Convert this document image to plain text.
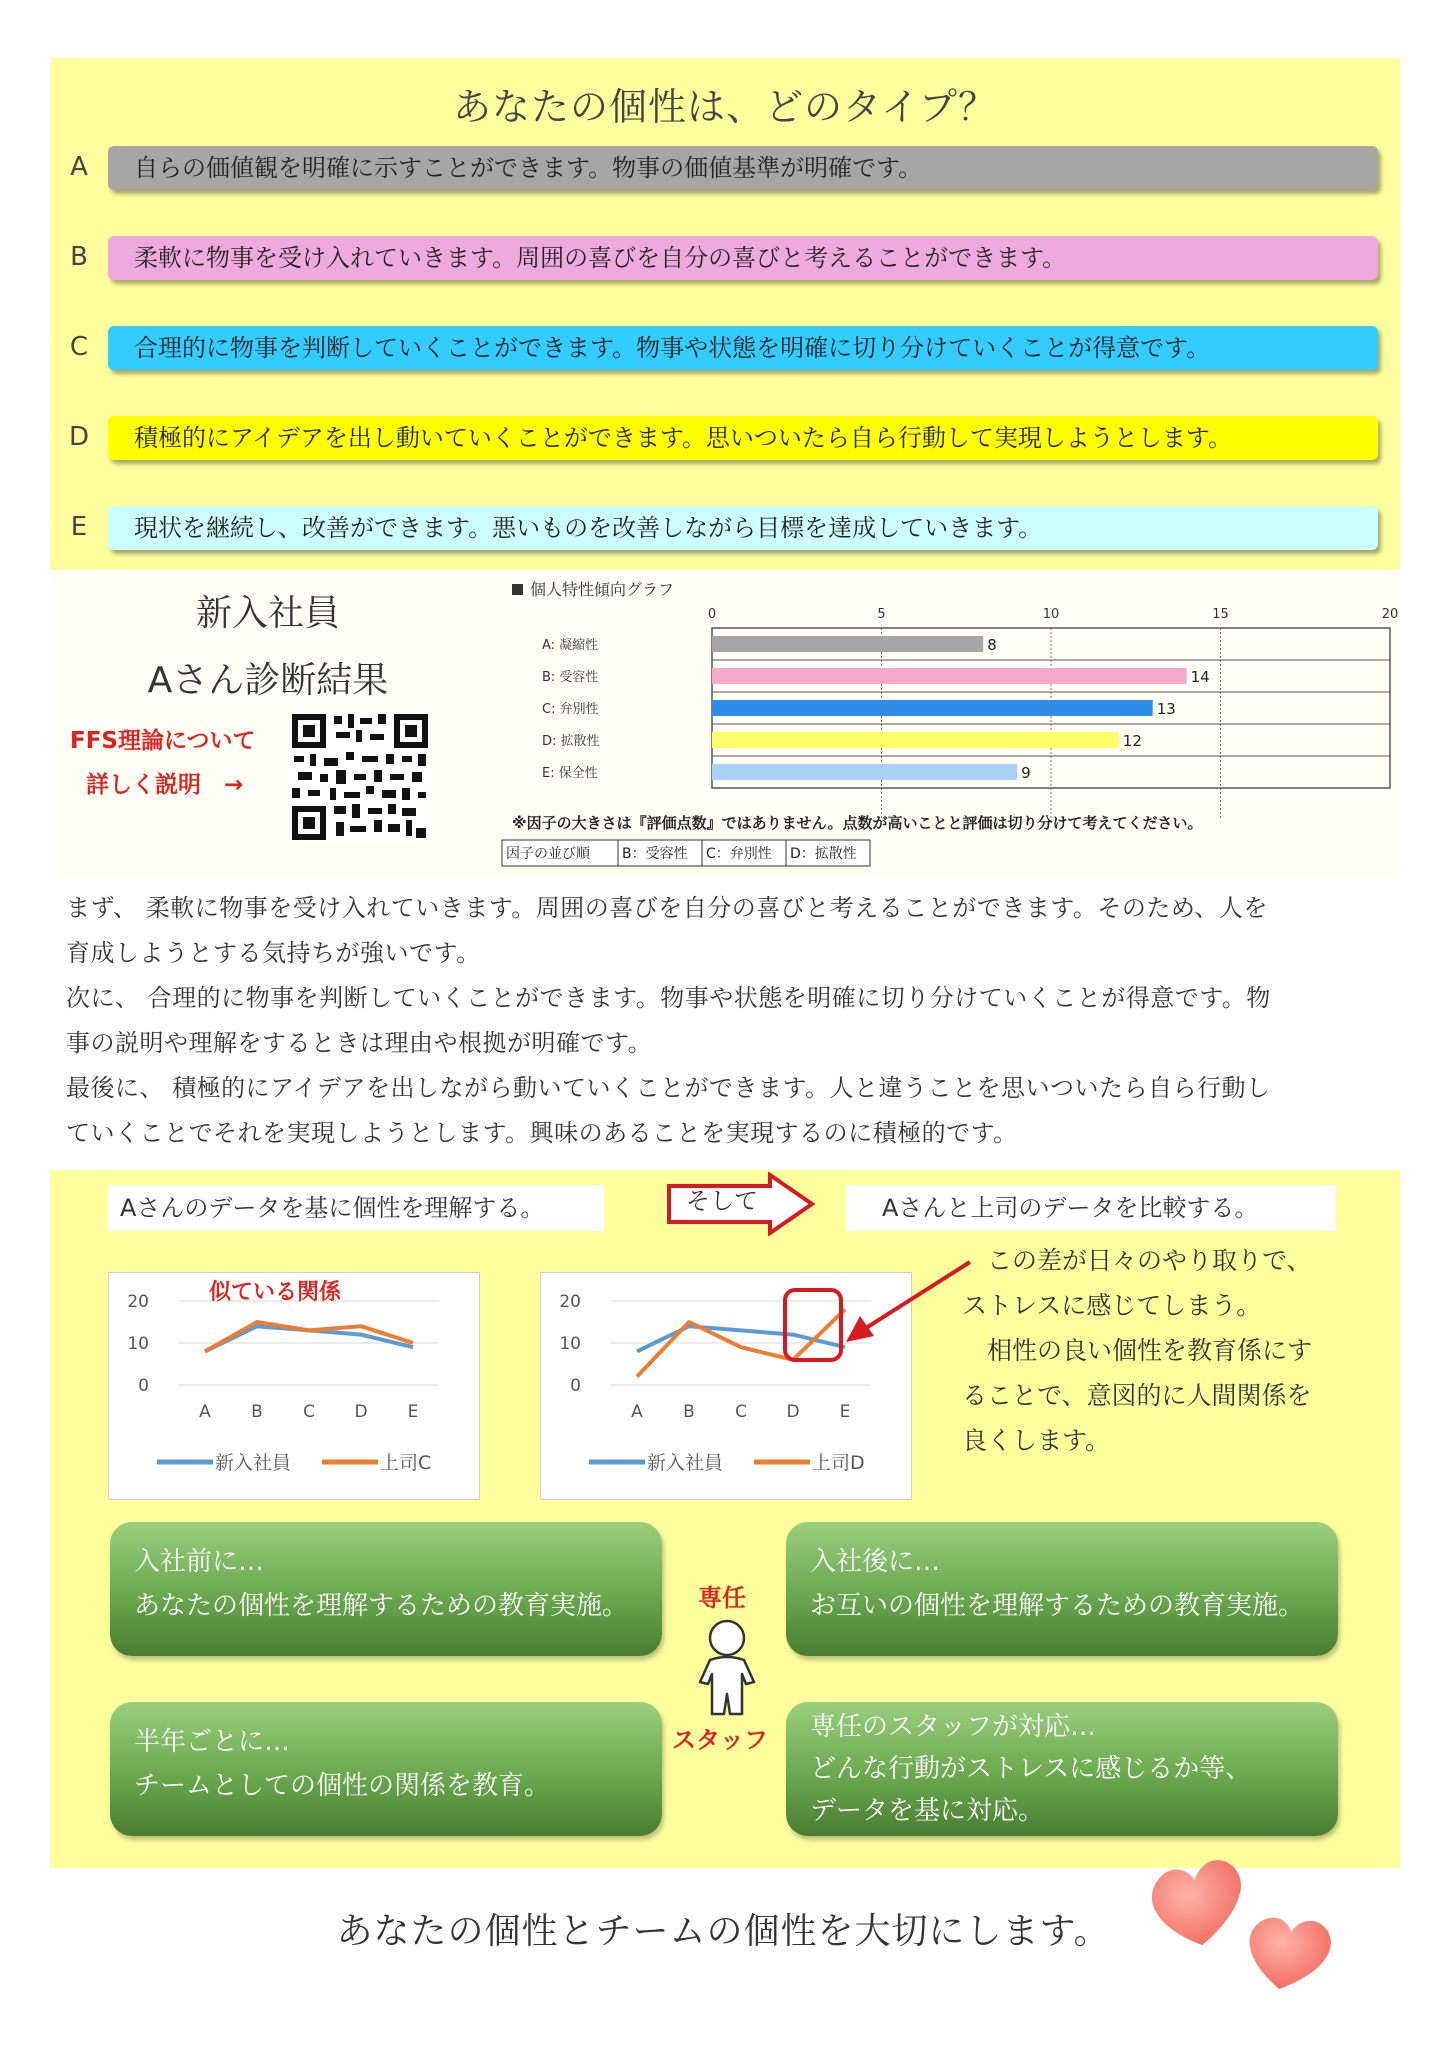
あなたの個性は、どのタイプ？
A	自らの価値観を明確に示すことができます。物事の価値基準が明確です。
B	柔軟に物事を受け入れていきます。周囲の喜びを自分の喜びと考えることができます。
C	合理的に物事を判断していくことができます。物事や状態を明確に切り分けていくことが得意です。
D	積極的にアイデアを出し動いていくことができます。思いついたら自ら行動して実現しようとします。
E	現状を継続し、改善ができます。悪いものを改善しながら目標を達成していきます。
新入社員
Aさん診断結果
FFS理論について
詳しく説明　→
個人特性傾向グラフ
0	5	10	15	20
A: 凝縮性	8
B: 受容性	14
C: 弁別性	13
D: 拡散性	12
E: 保全性	9
※因子の大きさは『評価点数』ではありません。点数が高いことと評価は切り分けて考えてください。
因子の並び順 B：受容性 C：弁別性 D：拡散性
まず、 柔軟に物事を受け入れていきます。周囲の喜びを自分の喜びと考えることができます。そのため、人を
育成しようとする気持ちが強いです。
次に、 合理的に物事を判断していくことができます。物事や状態を明確に切り分けていくことが得意です。物
事の説明や理解をするときは理由や根拠が明確です。
最後に、 積極的にアイデアを出しながら動いていくことができます。人と違うことを思いついたら自ら行動し
ていくことでそれを実現しようとします。興味のあることを実現するのに積極的です。
Aさんのデータを基に個性を理解する。	そして	Aさんと上司のデータを比較する。
0
10
20
A B C D E
新入社員	上司C
似ている関係
0
10
20
A B C D E
新入社員	上司D
　この差が日々のやり取りで、
ストレスに感じてしまう。
　相性の良い個性を教育係にす
ることで、意図的に人間関係を
良くします。
入社前に…
あなたの個性を理解するための教育実施。
入社後に…
お互いの個性を理解するための教育実施。
半年ごとに…
チームとしての個性の関係を教育。
専任のスタッフが対応…
どんな行動がストレスに感じるか等、
データを基に対応。
専任
スタッフ
あなたの個性とチームの個性を大切にします。
